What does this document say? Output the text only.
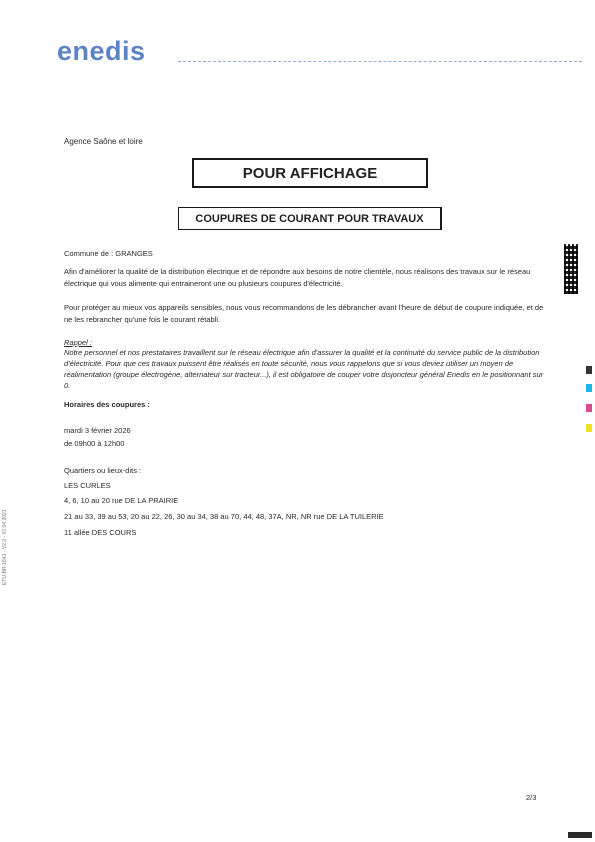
enedis
Agence Saône et loire
POUR AFFICHAGE
COUPURES DE COURANT POUR TRAVAUX
Commune de : GRANGES
Afin d'améliorer la qualité de la distribution électrique et de répondre aux besoins de notre clientèle, nous réalisons des travaux sur le réseau électrique qui vous alimente qui entraineront une ou plusieurs coupures d'électricité.
Pour protéger au mieux vos appareils sensibles, nous vous recommandons de les débrancher avant l'heure de début de coupure indiquée, et de ne les rebrancher qu'une fois le courant rétabli.
Rappel :
Notre personnel et nos prestataires travaillent sur le réseau électrique afin d'assurer la qualité et la continuité du service public de la distribution d'électricité. Pour que ces travaux puissent être réalisés en toute sécurité, nous vous rappelons que si vous deviez utiliser un moyen de réalimentation (groupe électrogène, alternateur sur tracteur...), il est obligatoire de couper votre disjoncteur général Enedis en le positionnant sur 0.
Horaires des coupures :
mardi 3 février 2026
de 09h00 à 12h00
Quartiers ou lieux-dits :
LES CURLES
4, 6, 10 au 20 rue DE LA PRAIRIE
21 au 33, 39 au 53, 20 au 22, 26, 30 au 34, 38 au 70, 44, 48, 37A, NR, NR rue DE LA TUILERIE
11 allée DES COURS
ETU-BR-1841 - V2.0 - 07.04.2021
2/3
